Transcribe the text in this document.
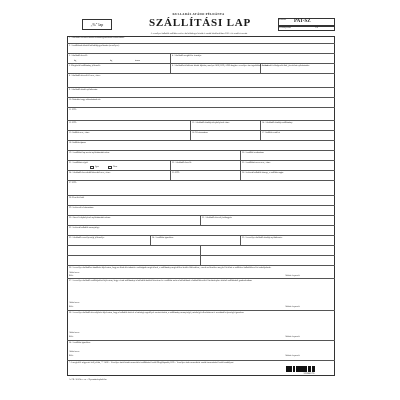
KULLADÁS ATÁDO PÉLDÁNYA
„%" lap	SZÁLLÍTÁSI LAP	Sorozat:	PAT-SZ
Példányszám:	1/4
A veszélyes hulladék szállítás esetén a ha különleges közúti és vasúti közlekedésben 2011. évi rendelet szerint
1. A hulladék szerzett birtoka hulladékgazdálkodó számosítása:
2. A szállítónak díszítő hulladékjegyzékszám (veszélyes):
3. A hulladék kezelő:	4. A hulladék megítélése formája:
kg	kg	tonna
5. Kiegészítő szállítmány jellemzői:	6. A hulladékok különös közúti díjtalan, amelyet ADR, RID, ADN alapján a veszélyes áru tagolódásai szerint:
7. Az átadó feldolgozók által, jövedelmi nyilvántartás:
8. A hulladék átvevő fél neve, címe:
9. A hulladék átadó nyilatkozata:
10. Rakodási vagy adószámának tér:
11. KTJ:
12. KTJ:	13. A hulladék átadója telephelyének címe:	14. A hulladék átadója szállítmány:
15. Szállító neve, címe:	16. Telefonszáma:	17. Szállító rendelet:
18. Szállítás típusa:
19. A szállítási lap szerint nyilvántartási szám:	20. A szállító rendszáma:
21. A szállítást végző:
Igen	Nem
22. A hulladék kezelő:	23. A szállítási szerv neve, címe:
24. A hulladék kereskedő/közvetítő neve, címe:	25. KTJ:	26. Az átvett hulladék tömege, a szállítás napja:
27. KTJ:
28. Kezelési kód:
29. Az átvevő telefonszáma:
30. Átvevő telephelyének nyilvántartási száma:	31. A hulladék átvevő jóváhagyás:
32. Az átvett hulladék mennyisége:
33. A hulladék veszélyességi jellemzője:	34. A szállítás igazolása:	35. A veszélyes hulladék átadója nyilatkozata:
36. A veszélyes hulladékot átadóként kijelentem, hogy az általa leírt adatok a valóságnak megfelelnek, a szállítmány megfelelően került előkészítésre, ennek szellemében meg kell felelnie a szállítás a hulladékkezelési szabályoknak.
Aláíró neve:
Kelt:	Aláírás és pecsét
37. A veszélyes hulladék szállítójaként kijelentem, hogy a fenti szállítmányt a hulladék átadótól átvettem és a szállítás során a hulladéknak a hulladékkezelési létesítményhez történő szállításáról gondoskodtam.
Aláíró neve:
Kelt:	Aláírás és pecsét
38. A veszélyes hulladék átvevőjeként kijelentem, hogy a hulladék átvétele a hatósági engedélyek szerint történt, a szállítmány mennyiségét, minőségét ellenőriztem és az adatok helyességét igazolom.
Aláíró neve:
Kelt:	Aláírás és pecsét
34. A szállítás igazolása:
Aláíró neve:
Kelt:	Aláírás és pecsét
* A megfelelő négyzetet kell jelölni, ** ADR = Veszélyes áruk közúti nemzetközi szállításáról szóló Megállapodás, RID = Veszélyes áruk nemzetközi vasúti fuvarozásáról szóló szabályzat
A. FR. 501/Sz. r. sz. - Nyomtatványbolt.hu
5999883795
